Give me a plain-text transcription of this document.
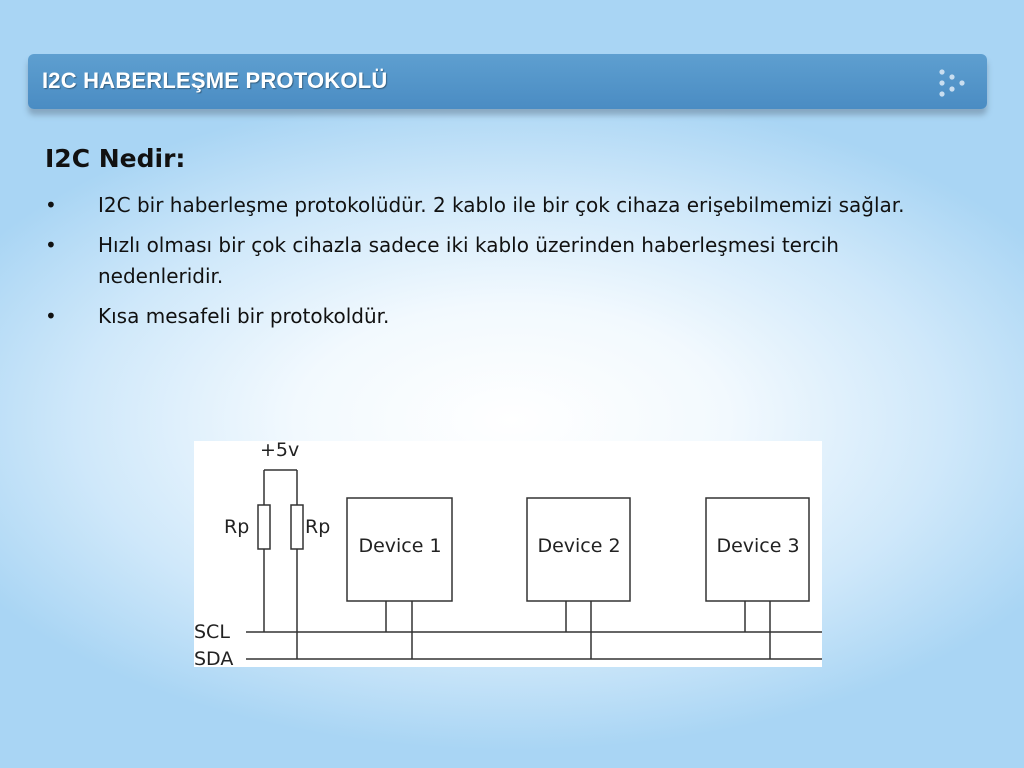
I2C HABERLEŞME PROTOKOLÜ
I2C Nedir:
• I2C bir haberleşme protokolüdür. 2 kablo ile bir çok cihaza erişebilmemizi sağlar.
• Hızlı olması bir çok cihazla sadece iki kablo üzerinden haberleşmesi tercih nedenleridir.
• Kısa mesafeli bir protokoldür.
+5v
Rp	Rp
Device 1	Device 2	Device 3
SCL
SDA
